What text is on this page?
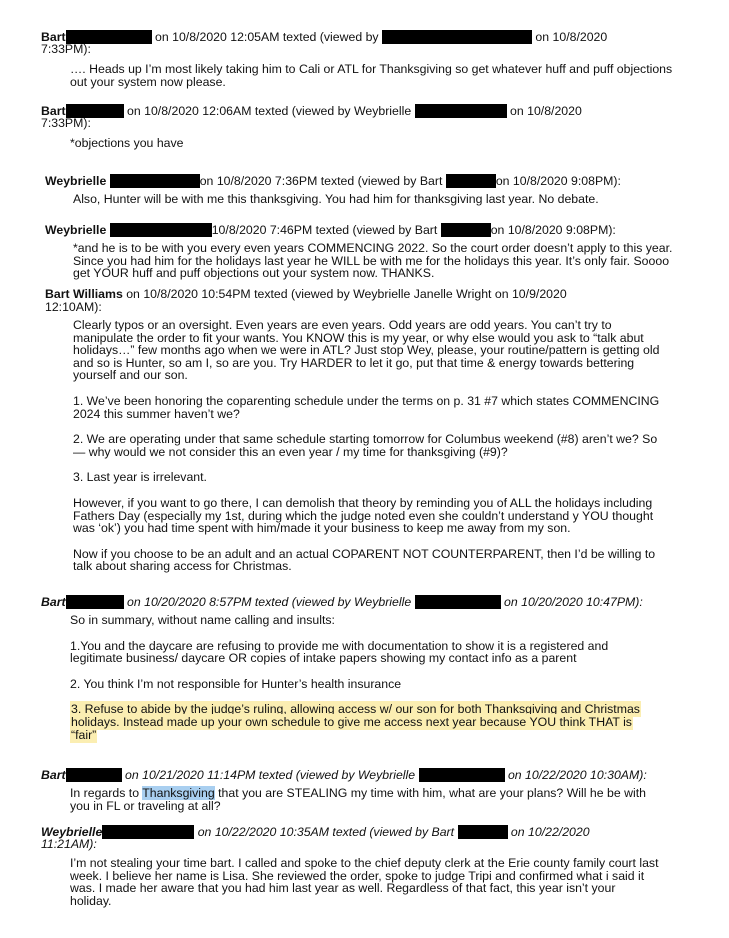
Bart	on 10/8/2020 12:05AM texted (viewed by	on 10/8/2020
7:33PM):

…. Heads up I’m most likely taking him to Cali or ATL for Thanksgiving so get whatever huff and puff objections out your system now please.

Bart	on 10/8/2020 12:06AM texted (viewed by Weybrielle	on 10/8/2020
7:33PM):

*objections you have

Weybrielle	on 10/8/2020 7:36PM texted (viewed by Bart	on 10/8/2020 9:08PM):

Also, Hunter will be with me this thanksgiving. You had him for thanksgiving last year. No debate.

Weybrielle	10/8/2020 7:46PM texted (viewed by Bart	on 10/8/2020 9:08PM):

*and he is to be with you every even years COMMENCING 2022. So the court order doesn’t apply to this year. Since you had him for the holidays last year he WILL be with me for the holidays this year. It’s only fair. Soooo get YOUR huff and puff objections out your system now. THANKS.

Bart Williams on 10/8/2020 10:54PM texted (viewed by Weybrielle Janelle Wright on 10/9/2020
12:10AM):

Clearly typos or an oversight. Even years are even years. Odd years are odd years. You can’t try to manipulate the order to fit your wants. You KNOW this is my year, or why else would you ask to “talk abut holidays…” few months ago when we were in ATL? Just stop Wey, please, your routine/pattern is getting old and so is Hunter, so am I, so are you. Try HARDER to let it go, put that time & energy towards bettering yourself and our son.

1. We’ve been honoring the coparenting schedule under the terms on p. 31 #7 which states COMMENCING 2024 this summer haven’t we?

2. We are operating under that same schedule starting tomorrow for Columbus weekend (#8) aren’t we? So — why would we not consider this an even year / my time for thanksgiving (#9)?

3. Last year is irrelevant.

However, if you want to go there, I can demolish that theory by reminding you of ALL the holidays including Fathers Day (especially my 1st, during which the judge noted even she couldn’t understand y YOU thought was ‘ok’) you had time spent with him/made it your business to keep me away from my son.

Now if you choose to be an adult and an actual COPARENT NOT COUNTERPARENT, then I’d be willing to talk about sharing access for Christmas.

Bart	on 10/20/2020 8:57PM texted (viewed by Weybrielle	on 10/20/2020 10:47PM):

So in summary, without name calling and insults:

1.You and the daycare are refusing to provide me with documentation to show it is a registered and legitimate business/ daycare OR copies of intake papers showing my contact info as a parent

2. You think I’m not responsible for Hunter’s health insurance

3. Refuse to abide by the judge’s ruling, allowing access w/ our son for both Thanksgiving and Christmas holidays. Instead made up your own schedule to give me access next year because YOU think THAT is “fair”

Bart	on 10/21/2020 11:14PM texted (viewed by Weybrielle	on 10/22/2020 10:30AM):

In regards to Thanksgiving that you are STEALING my time with him, what are your plans? Will he be with you in FL or traveling at all?

Weybrielle	on 10/22/2020 10:35AM texted (viewed by Bart	on 10/22/2020
11:21AM):

I’m not stealing your time bart. I called and spoke to the chief deputy clerk at the Erie county family court last week. I believe her name is Lisa. She reviewed the order, spoke to judge Tripi and confirmed what i said it was. I made her aware that you had him last year as well. Regardless of that fact, this year isn’t your holiday.
